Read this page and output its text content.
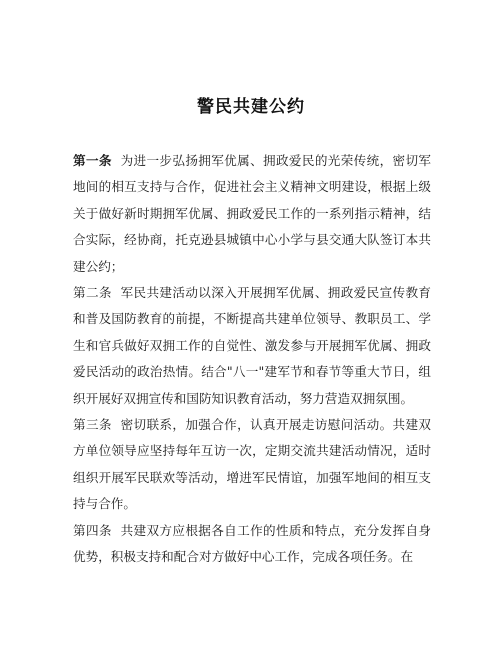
警民共建公约

第一条 为进一步弘扬拥军优属、拥政爱民的光荣传统，密切军地间的相互支持与合作，促进社会主义精神文明建设，根据上级关于做好新时期拥军优属、拥政爱民工作的一系列指示精神，结合实际，经协商，托克逊县城镇中心小学与县交通大队签订本共建公约；

第二条 军民共建活动以深入开展拥军优属、拥政爱民宣传教育和普及国防教育的前提，不断提高共建单位领导、教职员工、学生和官兵做好双拥工作的自觉性、激发参与开展拥军优属、拥政爱民活动的政治热情。结合"八一"建军节和春节等重大节日，组织开展好双拥宣传和国防知识教育活动，努力营造双拥氛围。

第三条 密切联系，加强合作，认真开展走访慰问活动。共建双方单位领导应坚持每年互访一次，定期交流共建活动情况，适时组织开展军民联欢等活动，增进军民情谊，加强军地间的相互支持与合作。

第四条 共建双方应根据各自工作的性质和特点，充分发挥自身优势，积极支持和配合对方做好中心工作，完成各项任务。在
